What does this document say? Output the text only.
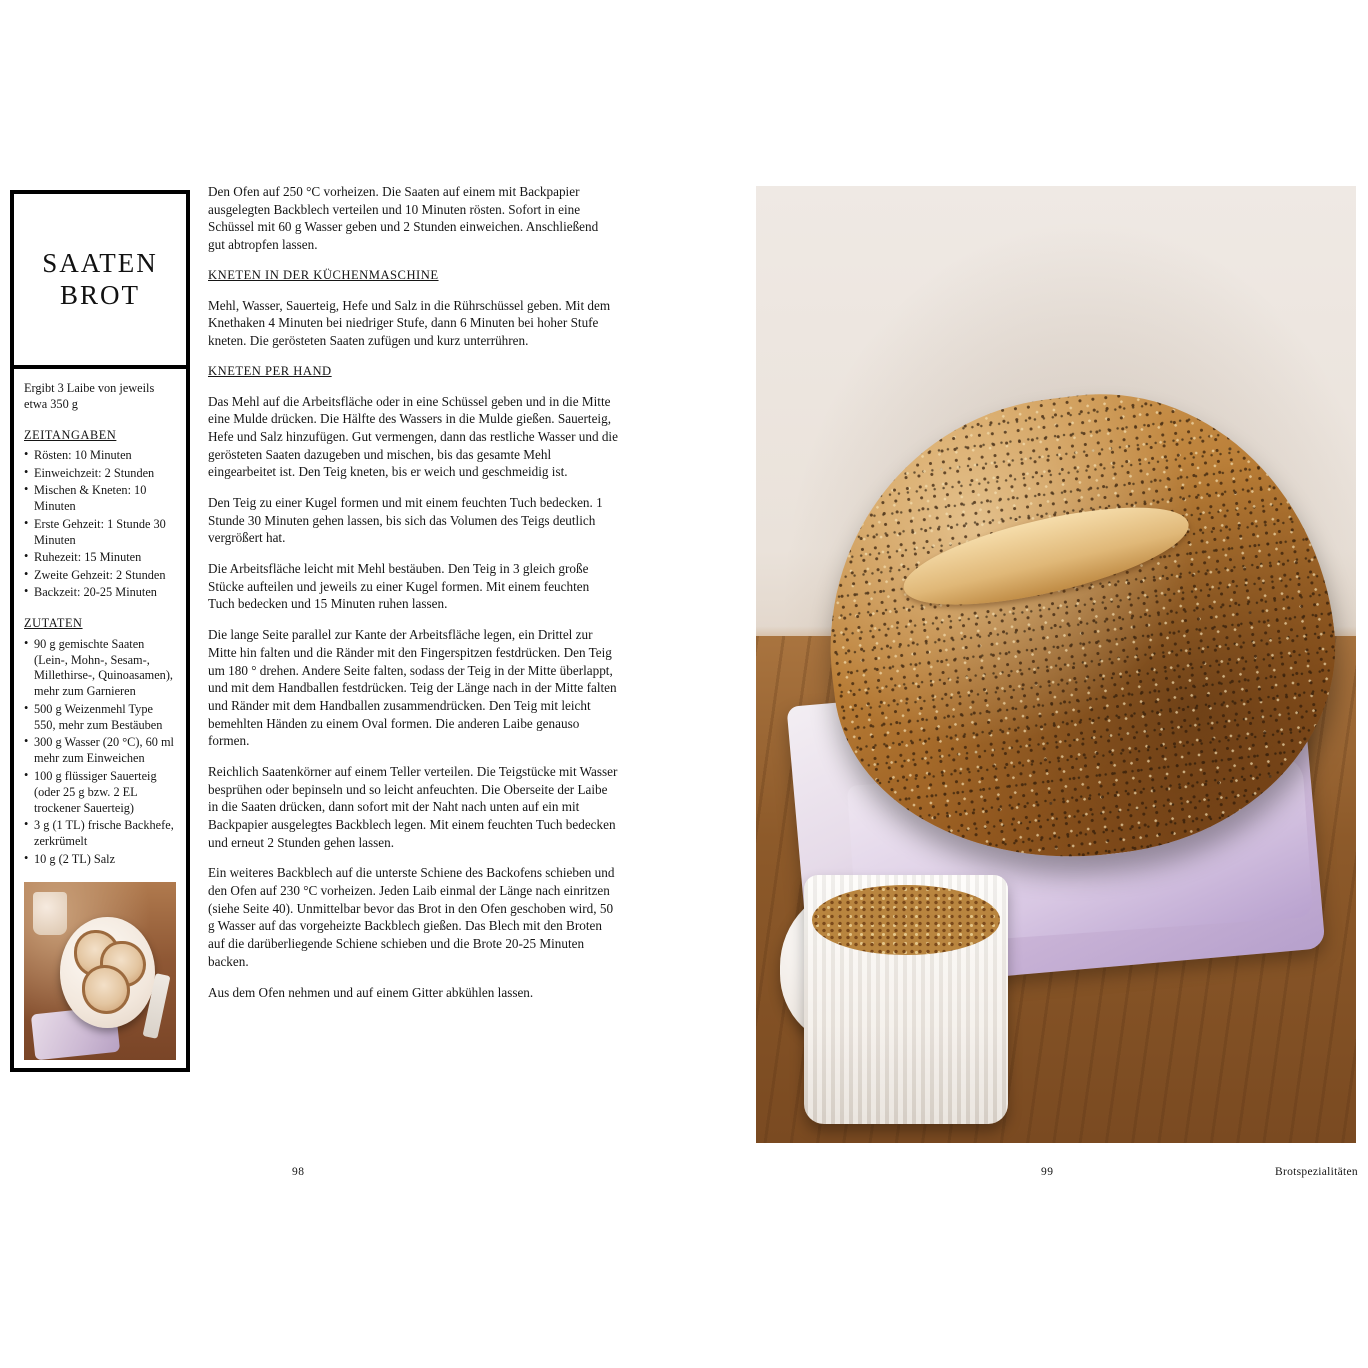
SAATEN
BROT

Ergibt 3 Laibe von jeweils etwa 350 g

ZEITANGABEN

• Rösten: 10 Minuten
• Einweichzeit: 2 Stunden
• Mischen & Kneten: 10 Minuten
• Erste Gehzeit: 1 Stunde 30 Minuten
• Ruhezeit: 15 Minuten
• Zweite Gehzeit: 2 Stunden
• Backzeit: 20-25 Minuten

ZUTATEN

• 90 g gemischte Saaten (Lein-, Mohn-, Sesam-, Millethirse-, Quinoasamen), mehr zum Garnieren
• 500 g Weizenmehl Type 550, mehr zum Bestäuben
• 300 g Wasser (20 °C), 60 ml mehr zum Einweichen
• 100 g flüssiger Sauerteig (oder 25 g bzw. 2 EL trockener Sauerteig)
• 3 g (1 TL) frische Backhefe, zerkrümelt
• 10 g (2 TL) Salz

Den Ofen auf 250 °C vorheizen. Die Saaten auf einem mit Backpapier ausgelegten Backblech verteilen und 10 Minuten rösten. Sofort in eine Schüssel mit 60 g Wasser geben und 2 Stunden einweichen. Anschließend gut abtropfen lassen.

KNETEN IN DER KÜCHENMASCHINE

Mehl, Wasser, Sauerteig, Hefe und Salz in die Rührschüssel geben. Mit dem Knethaken 4 Minuten bei niedriger Stufe, dann 6 Minuten bei hoher Stufe kneten. Die gerösteten Saaten zufügen und kurz unterrühren.

KNETEN PER HAND

Das Mehl auf die Arbeitsfläche oder in eine Schüssel geben und in die Mitte eine Mulde drücken. Die Hälfte des Wassers in die Mulde gießen. Sauerteig, Hefe und Salz hinzufügen. Gut vermengen, dann das restliche Wasser und die gerösteten Saaten dazugeben und mischen, bis das gesamte Mehl eingearbeitet ist. Den Teig kneten, bis er weich und geschmeidig ist.

Den Teig zu einer Kugel formen und mit einem feuchten Tuch bedecken. 1 Stunde 30 Minuten gehen lassen, bis sich das Volumen des Teigs deutlich vergrößert hat.

Die Arbeitsfläche leicht mit Mehl bestäuben. Den Teig in 3 gleich große Stücke aufteilen und jeweils zu einer Kugel formen. Mit einem feuchten Tuch bedecken und 15 Minuten ruhen lassen.

Die lange Seite parallel zur Kante der Arbeitsfläche legen, ein Drittel zur Mitte hin falten und die Ränder mit den Fingerspitzen festdrücken. Den Teig um 180 ° drehen. Andere Seite falten, sodass der Teig in der Mitte überlappt, und mit dem Handballen festdrücken. Teig der Länge nach in der Mitte falten und Ränder mit dem Handballen zusammendrücken. Den Teig mit leicht bemehlten Händen zu einem Oval formen. Die anderen Laibe genauso formen.

Reichlich Saatenkörner auf einem Teller verteilen. Die Teigstücke mit Wasser besprühen oder bepinseln und so leicht anfeuchten. Die Oberseite der Laibe in die Saaten drücken, dann sofort mit der Naht nach unten auf ein mit Backpapier ausgelegtes Backblech legen. Mit einem feuchten Tuch bedecken und erneut 2 Stunden gehen lassen.

Ein weiteres Backblech auf die unterste Schiene des Backofens schieben und den Ofen auf 230 °C vorheizen. Jeden Laib einmal der Länge nach einritzen (siehe Seite 40). Unmittelbar bevor das Brot in den Ofen geschoben wird, 50 g Wasser auf das vorgeheizte Backblech gießen. Das Blech mit den Broten auf die darüberliegende Schiene schieben und die Brote 20-25 Minuten backen.

Aus dem Ofen nehmen und auf einem Gitter abkühlen lassen.

98	99	Brotspezialitäten
